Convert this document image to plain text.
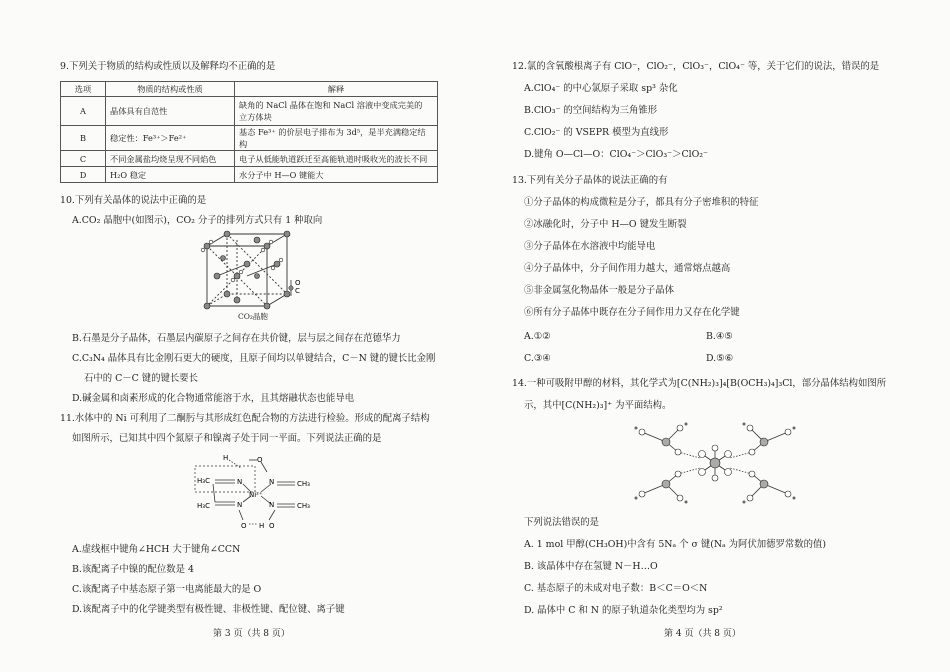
9.下列关于物质的结构或性质以及解释均不正确的是
选项	物质的结构或性质	解释
A	晶体具有自范性	缺角的 NaCl 晶体在饱和 NaCl 溶液中变成完美的
立方体块

B	稳定性：Fe³⁺＞Fe²⁺	基态 Fe³⁺ 的价层电子排布为 3d⁵，是半充满稳定结构
C	不同金属盐均烧呈现不同焰色	电子从低能轨道跃迁至高能轨道时吸收光的波长不同
D	H₂O 稳定	水分子中 H—O 键能大
10.下列有关晶体的说法中正确的是
A.CO₂ 晶胞中(如图示)，CO₂ 分子的排列方式只有 1 种取向
O
C
CO₂晶胞
B.石墨是分子晶体，石墨层内碳原子之间存在共价键，层与层之间存在范德华力
C.C₃N₄ 晶体具有比金刚石更大的硬度，且原子间均以单键结合，C－N 键的键长比金刚
石中的 C－C 键的键长要长
D.碱金属和卤素形成的化合物通常能溶于水，且其熔融状态也能导电
11.水体中的 Ni 可利用了二酮肟与其形成红色配合物的方法进行检验。形成的配离子结构
如图所示，已知其中四个氮原子和镍离子处于同一平面。下列说法正确的是
H	O
H₃C	N	N
Ni²⁺
N	N
CH₃
CH₃
H₃C
O H O
A.虚线框中键角∠HCH 大于键角∠CCN
B.该配离子中镍的配位数是 4
C.该配离子中基态原子第一电离能最大的是 O
D.该配离子中的化学键类型有极性键、非极性键、配位键、离子键
第 3 页（共 8 页）
12.氯的含氧酸根离子有 ClO⁻，ClO₂⁻，ClO₃⁻，ClO₄⁻ 等，关于它们的说法，错误的是
A.ClO₄⁻ 的中心氯原子采取 sp³ 杂化
B.ClO₃⁻ 的空间结构为三角锥形
C.ClO₂⁻ 的 VSEPR 模型为直线形
D.键角 O—Cl—O：ClO₄⁻＞ClO₃⁻＞ClO₂⁻
13.下列有关分子晶体的说法正确的有
①分子晶体的构成微粒是分子，都具有分子密堆积的特征
②冰融化时，分子中 H—O 键发生断裂
③分子晶体在水溶液中均能导电
④分子晶体中，分子间作用力越大，通常熔点越高
⑤非金属氢化物晶体一般是分子晶体
⑥所有分子晶体中既存在分子间作用力又存在化学键
A.①②	B.④⑤
C.③④	D.⑤⑥
14.一种可吸附甲醇的材料，其化学式为[C(NH₂)₃]₄[B(OCH₃)₄]₃Cl，部分晶体结构如图所
示，其中[C(NH₂)₃]⁺ 为平面结构。
下列说法错误的是
A. 1 mol 甲醇(CH₃OH)中含有 5Nₐ 个 σ 键(Nₐ 为阿伏加德罗常数的值)
B. 该晶体中存在氢键 N－H…O
C. 基态原子的未成对电子数：B＜C＝O＜N
D. 晶体中 C 和 N 的原子轨道杂化类型均为 sp²
第 4 页（共 8 页）
